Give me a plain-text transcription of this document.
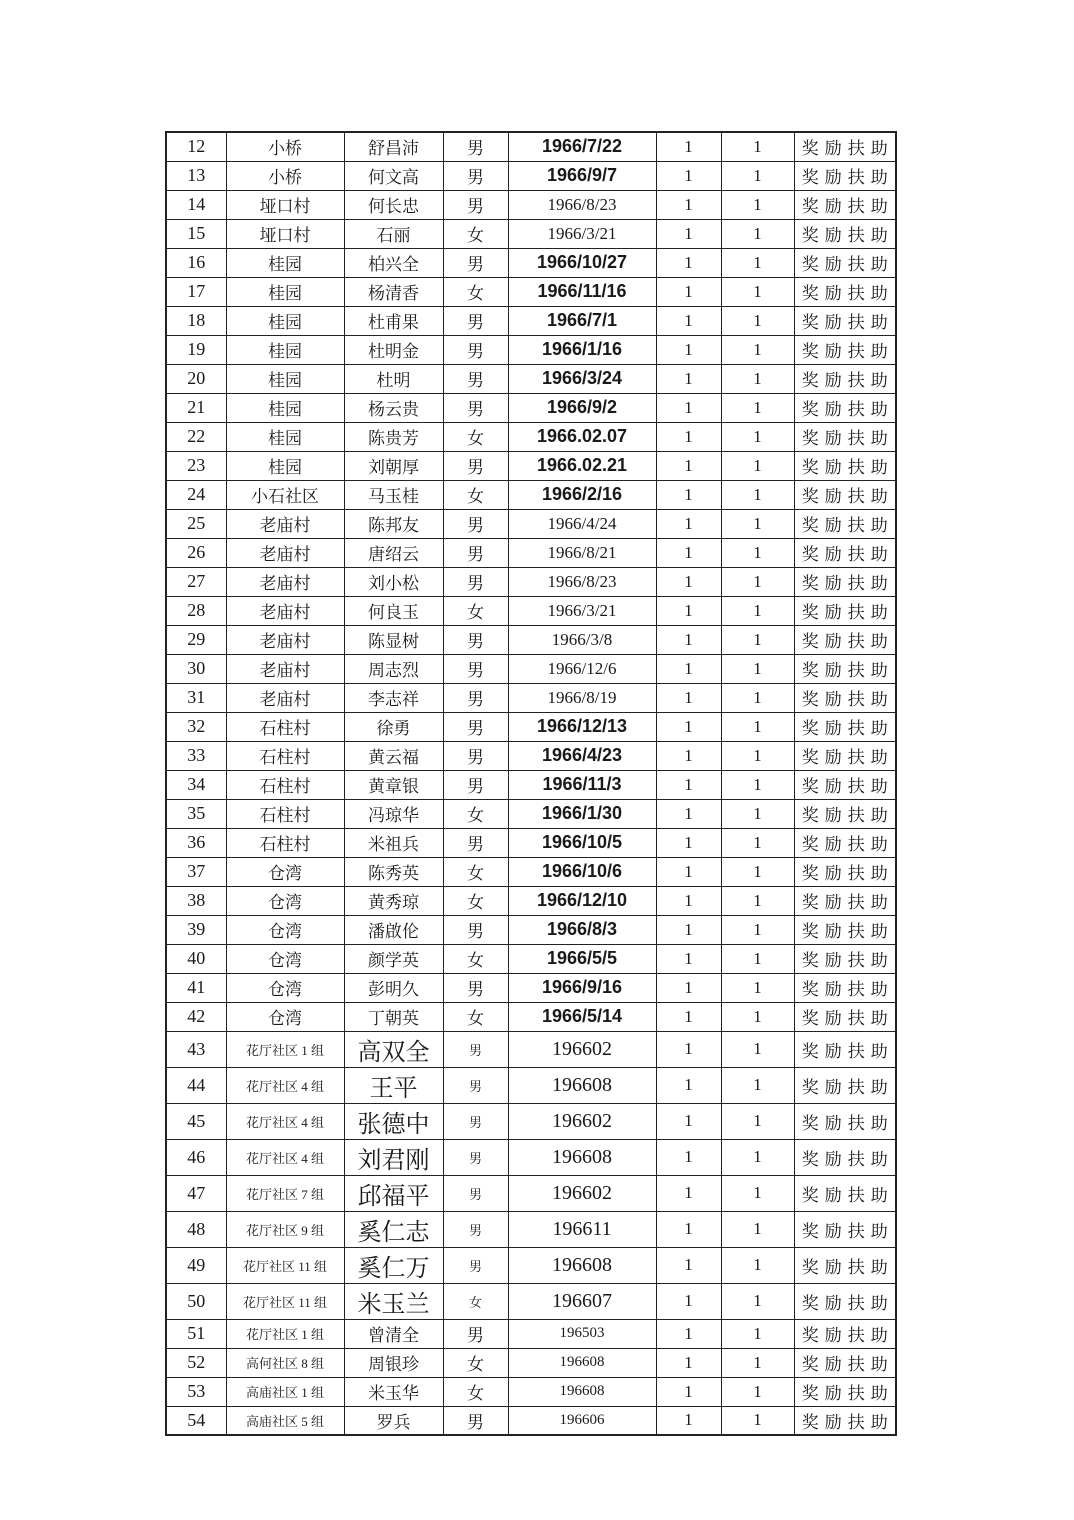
12	小桥	舒昌沛	男	1966/7/22	1	1	奖励扶助
13	小桥	何文高	男	1966/9/7	1	1	奖励扶助
14	垭口村	何长忠	男	1966/8/23	1	1	奖励扶助
15	垭口村	石丽	女	1966/3/21	1	1	奖励扶助
16	桂园	柏兴全	男	1966/10/27	1	1	奖励扶助
17	桂园	杨清香	女	1966/11/16	1	1	奖励扶助
18	桂园	杜甫果	男	1966/7/1	1	1	奖励扶助
19	桂园	杜明金	男	1966/1/16	1	1	奖励扶助
20	桂园	杜明	男	1966/3/24	1	1	奖励扶助
21	桂园	杨云贵	男	1966/9/2	1	1	奖励扶助
22	桂园	陈贵芳	女	1966.02.07	1	1	奖励扶助
23	桂园	刘朝厚	男	1966.02.21	1	1	奖励扶助
24	小石社区	马玉桂	女	1966/2/16	1	1	奖励扶助
25	老庙村	陈邦友	男	1966/4/24	1	1	奖励扶助
26	老庙村	唐绍云	男	1966/8/21	1	1	奖励扶助
27	老庙村	刘小松	男	1966/8/23	1	1	奖励扶助
28	老庙村	何良玉	女	1966/3/21	1	1	奖励扶助
29	老庙村	陈显树	男	1966/3/8	1	1	奖励扶助
30	老庙村	周志烈	男	1966/12/6	1	1	奖励扶助
31	老庙村	李志祥	男	1966/8/19	1	1	奖励扶助
32	石柱村	徐勇	男	1966/12/13	1	1	奖励扶助
33	石柱村	黄云福	男	1966/4/23	1	1	奖励扶助
34	石柱村	黄章银	男	1966/11/3	1	1	奖励扶助
35	石柱村	冯琼华	女	1966/1/30	1	1	奖励扶助
36	石柱村	米祖兵	男	1966/10/5	1	1	奖励扶助
37	仓湾	陈秀英	女	1966/10/6	1	1	奖励扶助
38	仓湾	黄秀琼	女	1966/12/10	1	1	奖励扶助
39	仓湾	潘啟伦	男	1966/8/3	1	1	奖励扶助
40	仓湾	颜学英	女	1966/5/5	1	1	奖励扶助
41	仓湾	彭明久	男	1966/9/16	1	1	奖励扶助
42	仓湾	丁朝英	女	1966/5/14	1	1	奖励扶助
43	花厅社区 1 组	高双全	男	196602	1	1	奖励扶助
44	花厅社区 4 组	王平	男	196608	1	1	奖励扶助
45	花厅社区 4 组	张德中	男	196602	1	1	奖励扶助
46	花厅社区 4 组	刘君刚	男	196608	1	1	奖励扶助
47	花厅社区 7 组	邱福平	男	196602	1	1	奖励扶助
48	花厅社区 9 组	奚仁志	男	196611	1	1	奖励扶助
49	花厅社区 11 组	奚仁万	男	196608	1	1	奖励扶助
50	花厅社区 11 组	米玉兰	女	196607	1	1	奖励扶助
51	花厅社区 1 组	曾清全	男	196503	1	1	奖励扶助
52	高何社区 8 组	周银珍	女	196608	1	1	奖励扶助
53	高庙社区 1 组	米玉华	女	196608	1	1	奖励扶助
54	高庙社区 5 组	罗兵	男	196606	1	1	奖励扶助
